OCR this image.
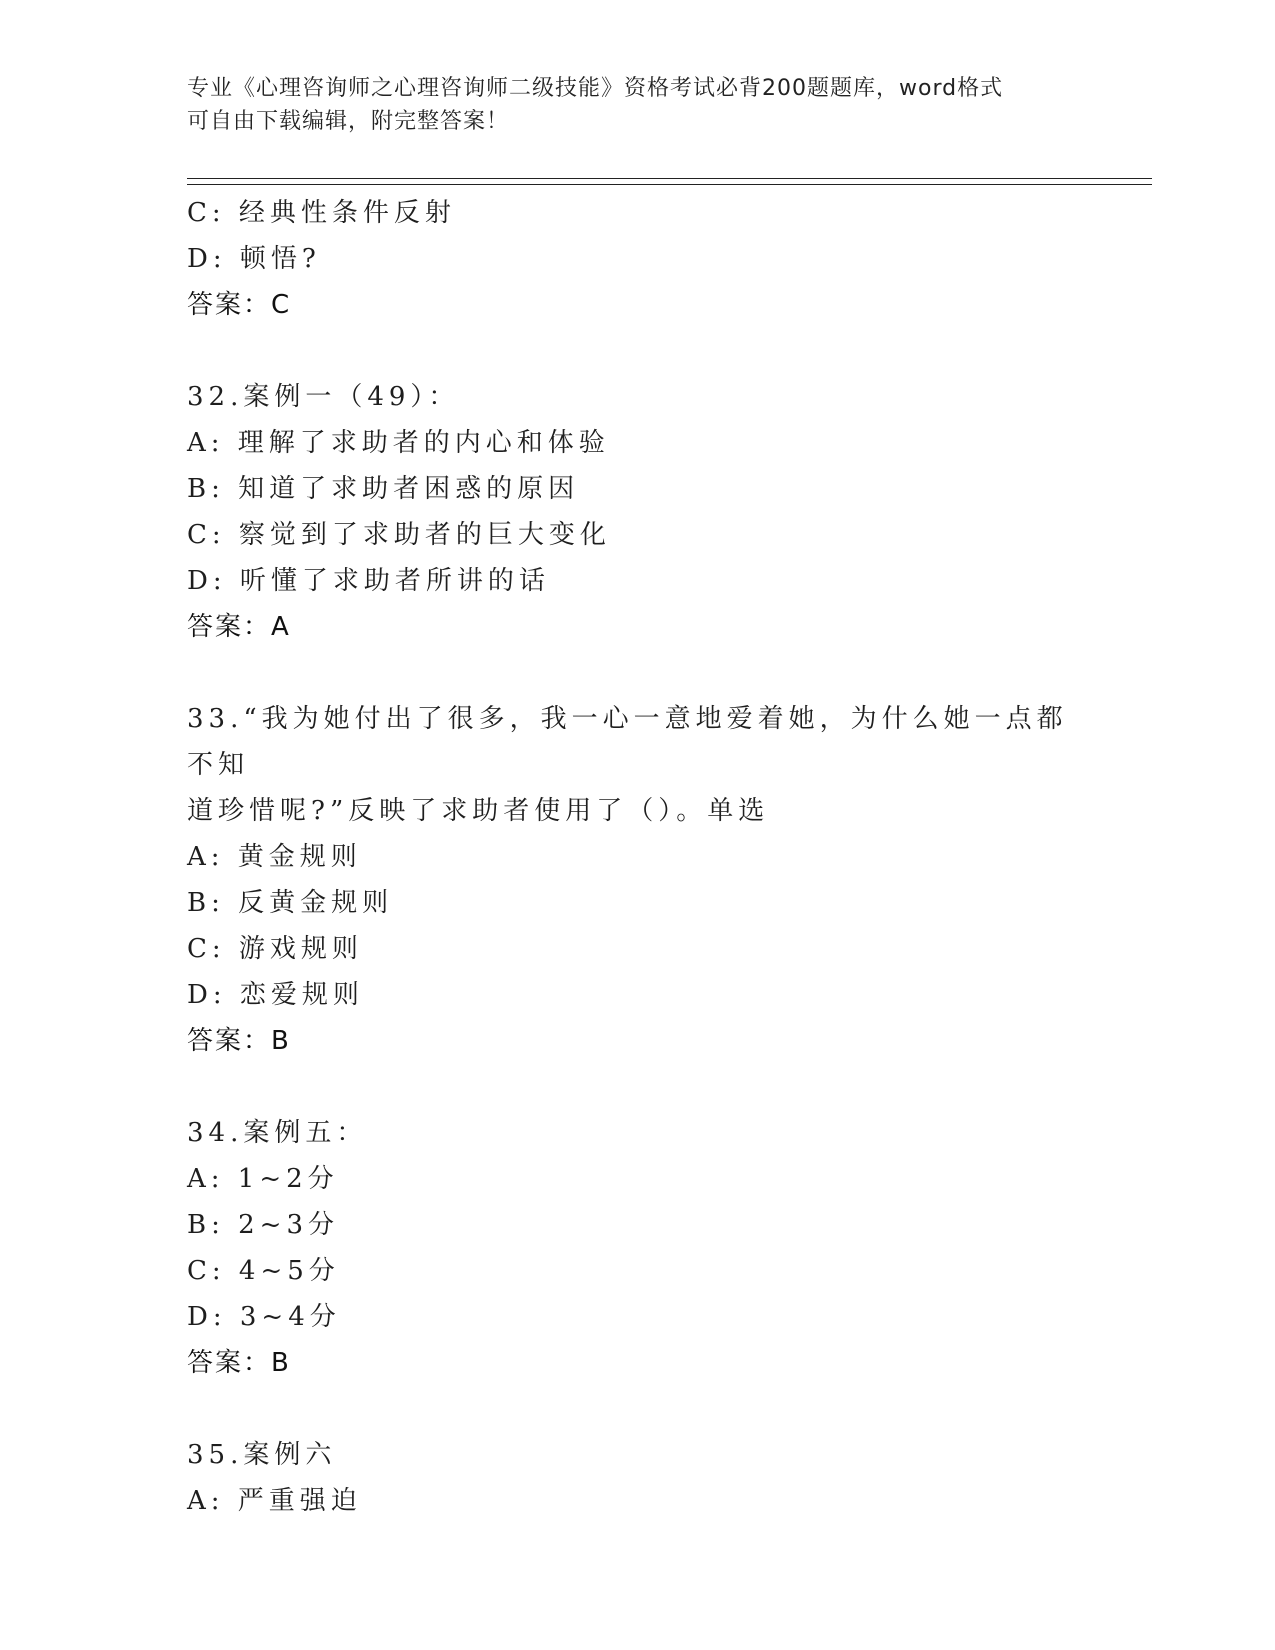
专业《心理咨询师之心理咨询师二级技能》资格考试必背200题题库，word格式
可自由下载编辑，附完整答案！
C: 经典性条件反射
D: 顿悟?
答案：C
32.案例一（49）：
A: 理解了求助者的内心和体验
B: 知道了求助者困惑的原因
C: 察觉到了求助者的巨大变化
D: 听懂了求助者所讲的话
答案：A
33.“我为她付出了很多，我一心一意地爱着她，为什么她一点都不知
道珍惜呢?”反映了求助者使用了（）。单选
A: 黄金规则
B: 反黄金规则
C: 游戏规则
D: 恋爱规则
答案：B
34.案例五：
A: 1~2分
B: 2~3分
C: 4~5分
D: 3~4分
答案：B
35.案例六
A: 严重强迫
